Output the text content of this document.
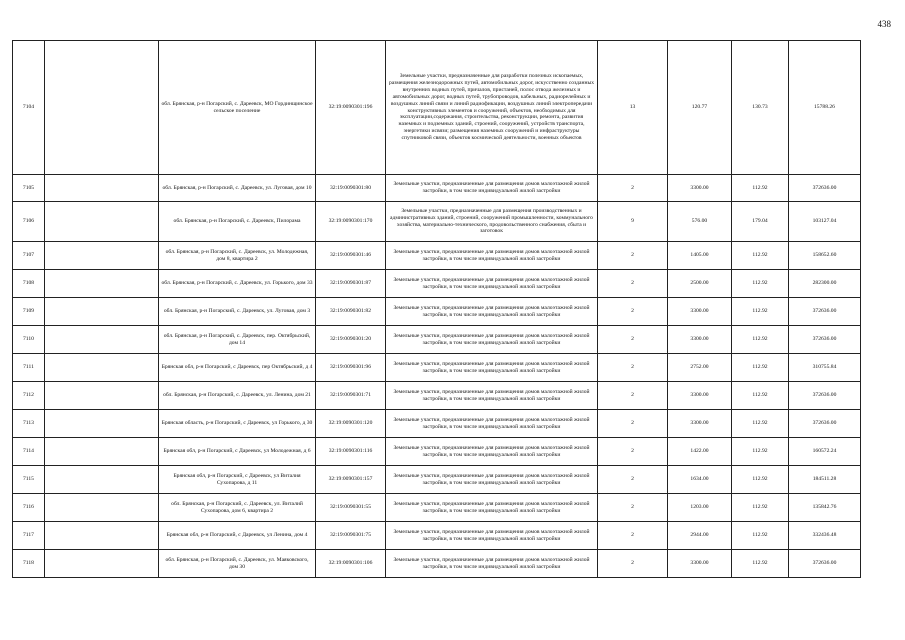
438
7104		обл. Брянская, р-н Погарский, с. Дареевск, МО Гординщинское сельское поселение	32:19:0090301:196	Земельные участки, предназначенные для разработки полезных ископаемых, размещения железнодорожных путей, автомобильных дорог, искусственно созданных внутренних водных путей, причалов, пристаней, полос отвода железных и автомобильных дорог, водных путей, трубопроводов, кабельных, радиорелейных и воздушных линий связи и линий радиофикации, воздушных линий электропередачи конструктивных элементов и сооружений, объектов, необходимых для эксплуатации,содержания, строительства, реконструкции, ремонта, развития наземных и подземных зданий, строений, сооружений, устройств транспорта, энергетики исвязи; размещения наземных сооружений и инфраструктуры спутниковой связи, объектов космической деятельности, военных объектов	13	120.77	130.73	15788.26
7105		обл. Брянская, р-н Погарский, с. Дареевск, ул. Луговая, дом 10	32:19:0090301:80	Земельные участки, предназначенные для размещения домов малоэтажной жилой застройки, в том числе индивидуальной жилой застройки	2	3300.00	112.92	372636.00
7106		обл. Брянская, р-н Погарский, с. Дареевск, Пилорама	32:19:0090301:170	Земельные участки, предназначенные для размещения производственных и административных зданий, строений, сооружений промышленности, коммунального хозяйства, материально-технического, продовольственного снабжения, сбыта и заготовок	9	576.00	179.04	103127.04
7107		обл. Брянская, р-н Погарский, с. Дареевск, ул. Молодежная, дом 8, квартира 2	32:19:0090301:46	Земельные участки, предназначенные для размещения домов малоэтажной жилой застройки, в том числе индивидуальной жилой застройки	2	1405.00	112.92	158652.60
7108		обл. Брянская, р-н Погарский, с. Дареевск, ул. Горького, дом 33	32:19:0090301:87	Земельные участки, предназначенные для размещения домов малоэтажной жилой застройки, в том числе индивидуальной жилой застройки	2	2500.00	112.92	282300.00
7109		обл. Брянская, р-н Погарский, с. Дареевск, ул. Луговая, дом 3	32:19:0090301:82	Земельные участки, предназначенные для размещения домов малоэтажной жилой застройки, в том числе индивидуальной жилой застройки	2	3300.00	112.92	372636.00
7110		обл. Брянская, р-н Погарский, с. Дареевск, пер. Октябрьский, дом 14	32:19:0090301:20	Земельные участки, предназначенные для размещения домов малоэтажной жилой застройки, в том числе индивидуальной жилой застройки	2	3300.00	112.92	372636.00
7111		Брянская обл, р-н Погарский, с Дареевск, пер Октябрьский, д 4	32:19:0090301:96	Земельные участки, предназначенные для размещения домов малоэтажной жилой застройки, в том числе индивидуальной жилой застройки	2	2752.00	112.92	310755.84
7112		обл. Брянская, р-н Погарский, с. Дареевск, ул. Ленина, дом 21	32:19:0090301:71	Земельные участки, предназначенные для размещения домов малоэтажной жилой застройки, в том числе индивидуальной жилой застройки	2	3300.00	112.92	372636.00
7113		Брянская область, р-н Погарский, с Дареевск, ул Горького, д 30	32:19:0090301:120	Земельные участки, предназначенные для размещения домов малоэтажной жилой застройки, в том числе индивидуальной жилой застройки	2	3300.00	112.92	372636.00
7114		Брянская обл, р-н Погарский, с Дареевск, ул Молодежная, д 6	32:19:0090301:116	Земельные участки, предназначенные для размещения домов малоэтажной жилой застройки, в том числе индивидуальной жилой застройки	2	1422.00	112.92	160572.24
7115		Брянская обл, р-н Погарский, с Дареевск, ул Виталия Сухопарова, д 11	32:19:0090301:157	Земельные участки, предназначенные для размещения домов малоэтажной жилой застройки, в том числе индивидуальной жилой застройки	2	1634.00	112.92	184511.28
7116		обл. Брянская, р-н Погарский, с. Дареевск, ул. Виталий Сухопарова, дом 6, квартира 2	32:19:0090301:55	Земельные участки, предназначенные для размещения домов малоэтажной жилой застройки, в том числе индивидуальной жилой застройки	2	1203.00	112.92	135842.76
7117		Брянская обл, р-н Погарский, с Дареевск, ул Ленина, дом 4	32:19:0090301:75	Земельные участки, предназначенные для размещения домов малоэтажной жилой застройки, в том числе индивидуальной жилой застройки	2	2944.00	112.92	332436.48
7118		обл. Брянская, р-н Погарский, с. Дареевск, ул. Маяковского, дом 30	32:19:0090301:106	Земельные участки, предназначенные для размещения домов малоэтажной жилой застройки, в том числе индивидуальной жилой застройки	2	3300.00	112.92	372636.00
